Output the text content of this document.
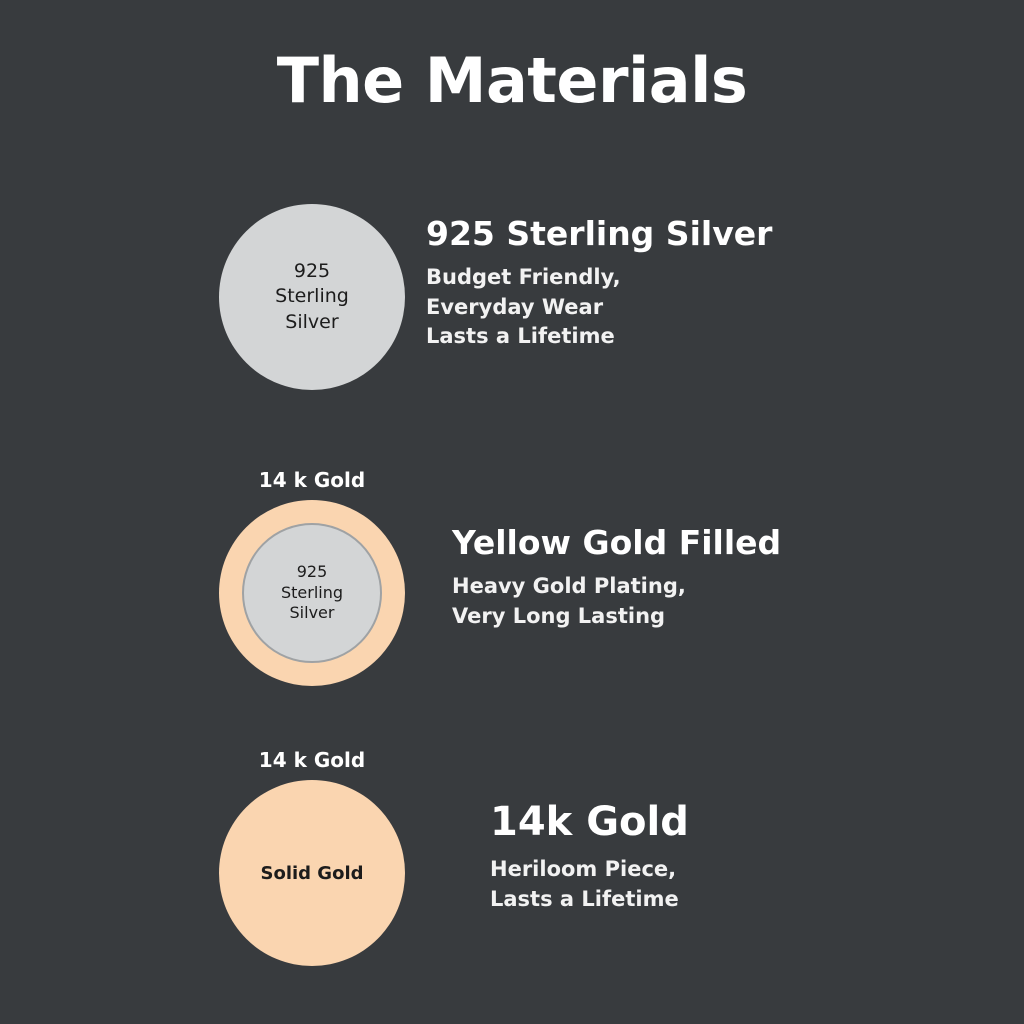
The Materials
925
Sterling
Silver
925 Sterling Silver
Budget Friendly,
Everyday Wear
Lasts a Lifetime
14 k Gold
925
Sterling
Silver
Yellow Gold Filled
Heavy Gold Plating,
Very Long Lasting
14 k Gold
Solid Gold
14k Gold
Heriloom Piece,
Lasts a Lifetime
